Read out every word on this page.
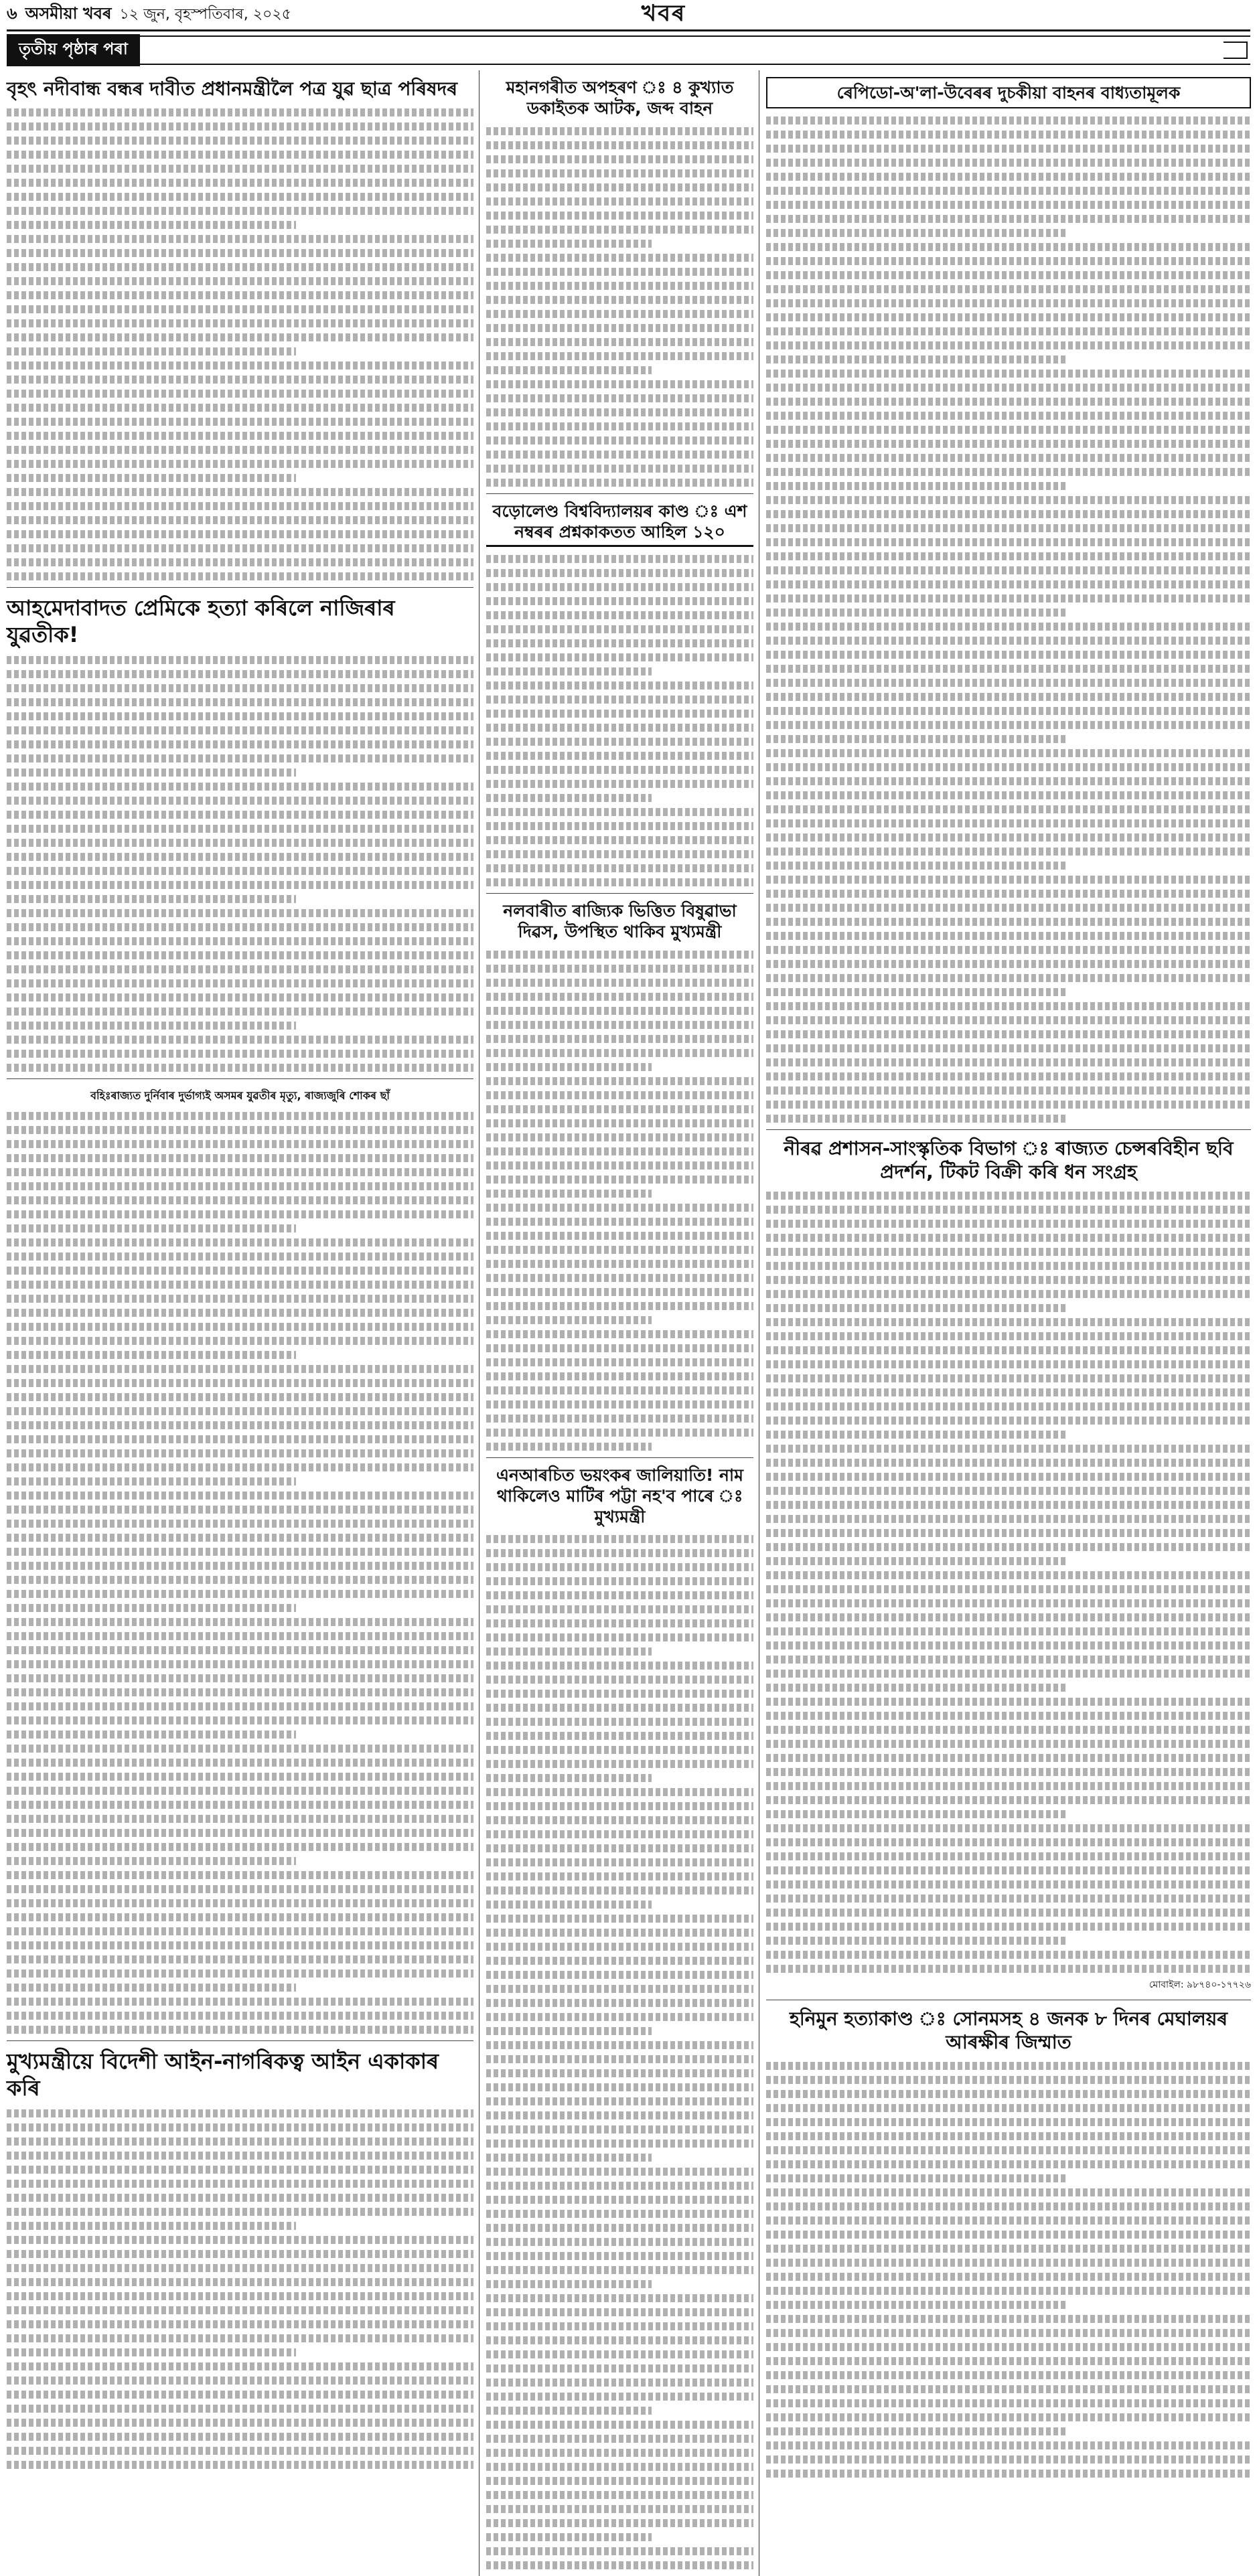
৬ অসমীয়া খবৰ ১২ জুন, বৃহস্পতিবাৰ, ২০২৫	খবৰ
তৃতীয় পৃষ্ঠাৰ পৰা
বৃহৎ নদীবান্ধ বন্ধৰ দাবীত প্ৰধানমন্ত্ৰীলৈ পত্ৰ যুৱ ছাত্ৰ পৰিষদৰ
আহমেদাবাদত প্ৰেমিকে হত্যা কৰিলে নাজিৰাৰ যুৱতীক!
বহিঃৰাজ্যত দুৰ্নিবাৰ দুৰ্ভাগ্যই অসমৰ যুৱতীৰ মৃত্যু, ৰাজ্যজুৰি শোকৰ ছাঁ
মুখ্যমন্ত্ৰীয়ে বিদেশী আইন-নাগৰিকত্ব আইন একাকাৰ কৰি
মহানগৰীত অপহৰণ ঃ ৪ কুখ্যাত ডকাইতক আটক, জব্দ বাহন
বড়োলেণ্ড বিশ্ববিদ্যালয়ৰ কাণ্ড ঃ এশ নম্বৰৰ প্ৰশ্নকাকতত আহিল ১২০
নলবাৰীত ৰাজ্যিক ভিত্তিত বিষুৱাভা দিৱস, উপস্থিত থাকিব মুখ্যমন্ত্ৰী
এনআৰচিত ভয়ংকৰ জালিয়াতি! নাম থাকিলেও মাটিৰ পট্টা নহ'ব পাৰে ঃ মুখ্যমন্ত্ৰী
ৰেপিডো-অ'লা-উবেৰৰ দুচকীয়া বাহনৰ বাধ্যতামূলক
নীৰৱ প্ৰশাসন-সাংস্কৃতিক বিভাগ ঃ ৰাজ্যত চেন্সৰবিহীন ছবি প্ৰদৰ্শন, টিকট বিক্ৰী কৰি ধন সংগ্ৰহ
মোবাইল: ৯৮৭৪০-১৭৭২৬
হনিমুন হত্যাকাণ্ড ঃ সোনমসহ ৪ জনক ৮ দিনৰ মেঘালয়ৰ আৰক্ষীৰ জিম্মাত
